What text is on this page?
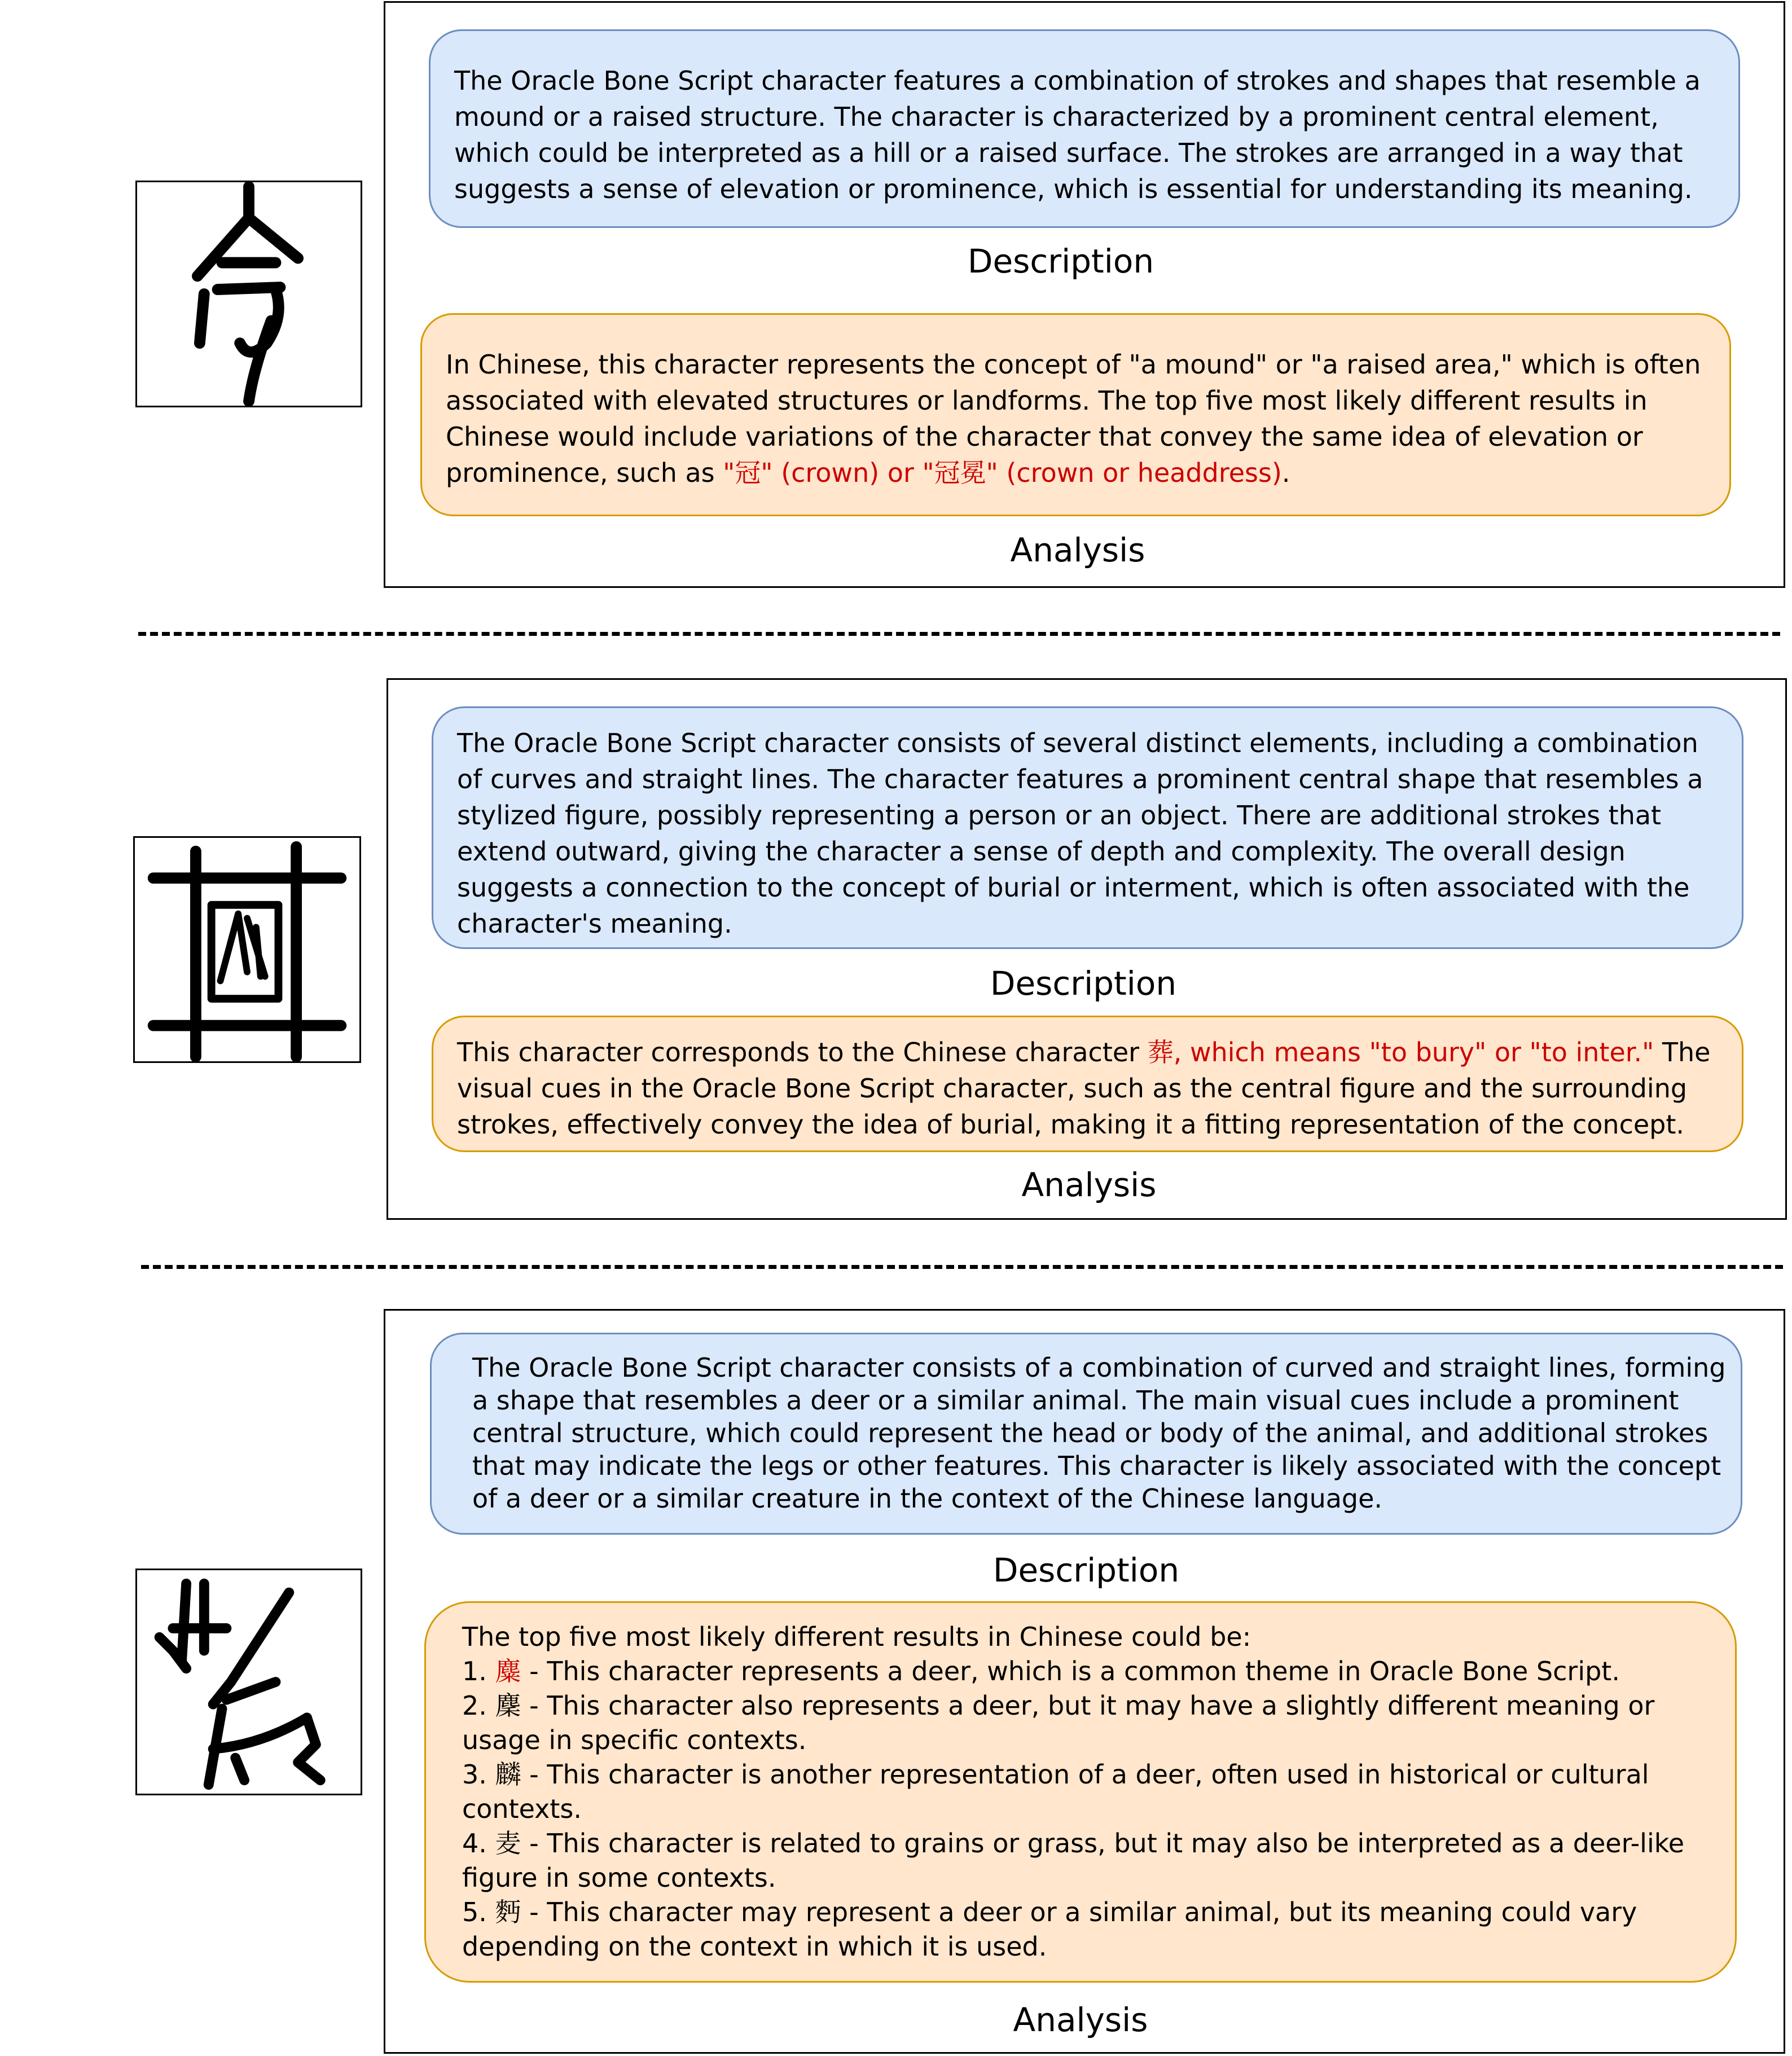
The Oracle Bone Script character features a combination of strokes and shapes that resemble a mound or a raised structure. The character is characterized by a prominent central element, which could be interpreted as a hill or a raised surface. The strokes are arranged in a way that suggests a sense of elevation or prominence, which is essential for understanding its meaning.
Description
In Chinese, this character represents the concept of "a mound" or "a raised area," which is often associated with elevated structures or landforms. The top five most likely different results in Chinese would include variations of the character that convey the same idea of elevation or prominence, such as "冠" (crown) or "冠冕" (crown or headdress).
Analysis
The Oracle Bone Script character consists of several distinct elements, including a combination of curves and straight lines. The character features a prominent central shape that resembles a stylized figure, possibly representing a person or an object. There are additional strokes that extend outward, giving the character a sense of depth and complexity. The overall design suggests a connection to the concept of burial or interment, which is often associated with the character's meaning.
Description
This character corresponds to the Chinese character 葬, which means "to bury" or "to inter." The visual cues in the Oracle Bone Script character, such as the central figure and the surrounding strokes, effectively convey the idea of burial, making it a fitting representation of the concept.
Analysis
The Oracle Bone Script character consists of a combination of curved and straight lines, forming a shape that resembles a deer or a similar animal. The main visual cues include a prominent central structure, which could represent the head or body of the animal, and additional strokes that may indicate the legs or other features. This character is likely associated with the concept of a deer or a similar creature in the context of the Chinese language.
Description
The top five most likely different results in Chinese could be:
1. 麋 - This character represents a deer, which is a common theme in Oracle Bone Script.
2. 麇 - This character also represents a deer, but it may have a slightly different meaning or usage in specific contexts.
3. 麟 - This character is another representation of a deer, often used in historical or cultural contexts.
4. 麦 - This character is related to grains or grass, but it may also be interpreted as a deer-like figure in some contexts.
5. 麪 - This character may represent a deer or a similar animal, but its meaning could vary depending on the context in which it is used.
Analysis
